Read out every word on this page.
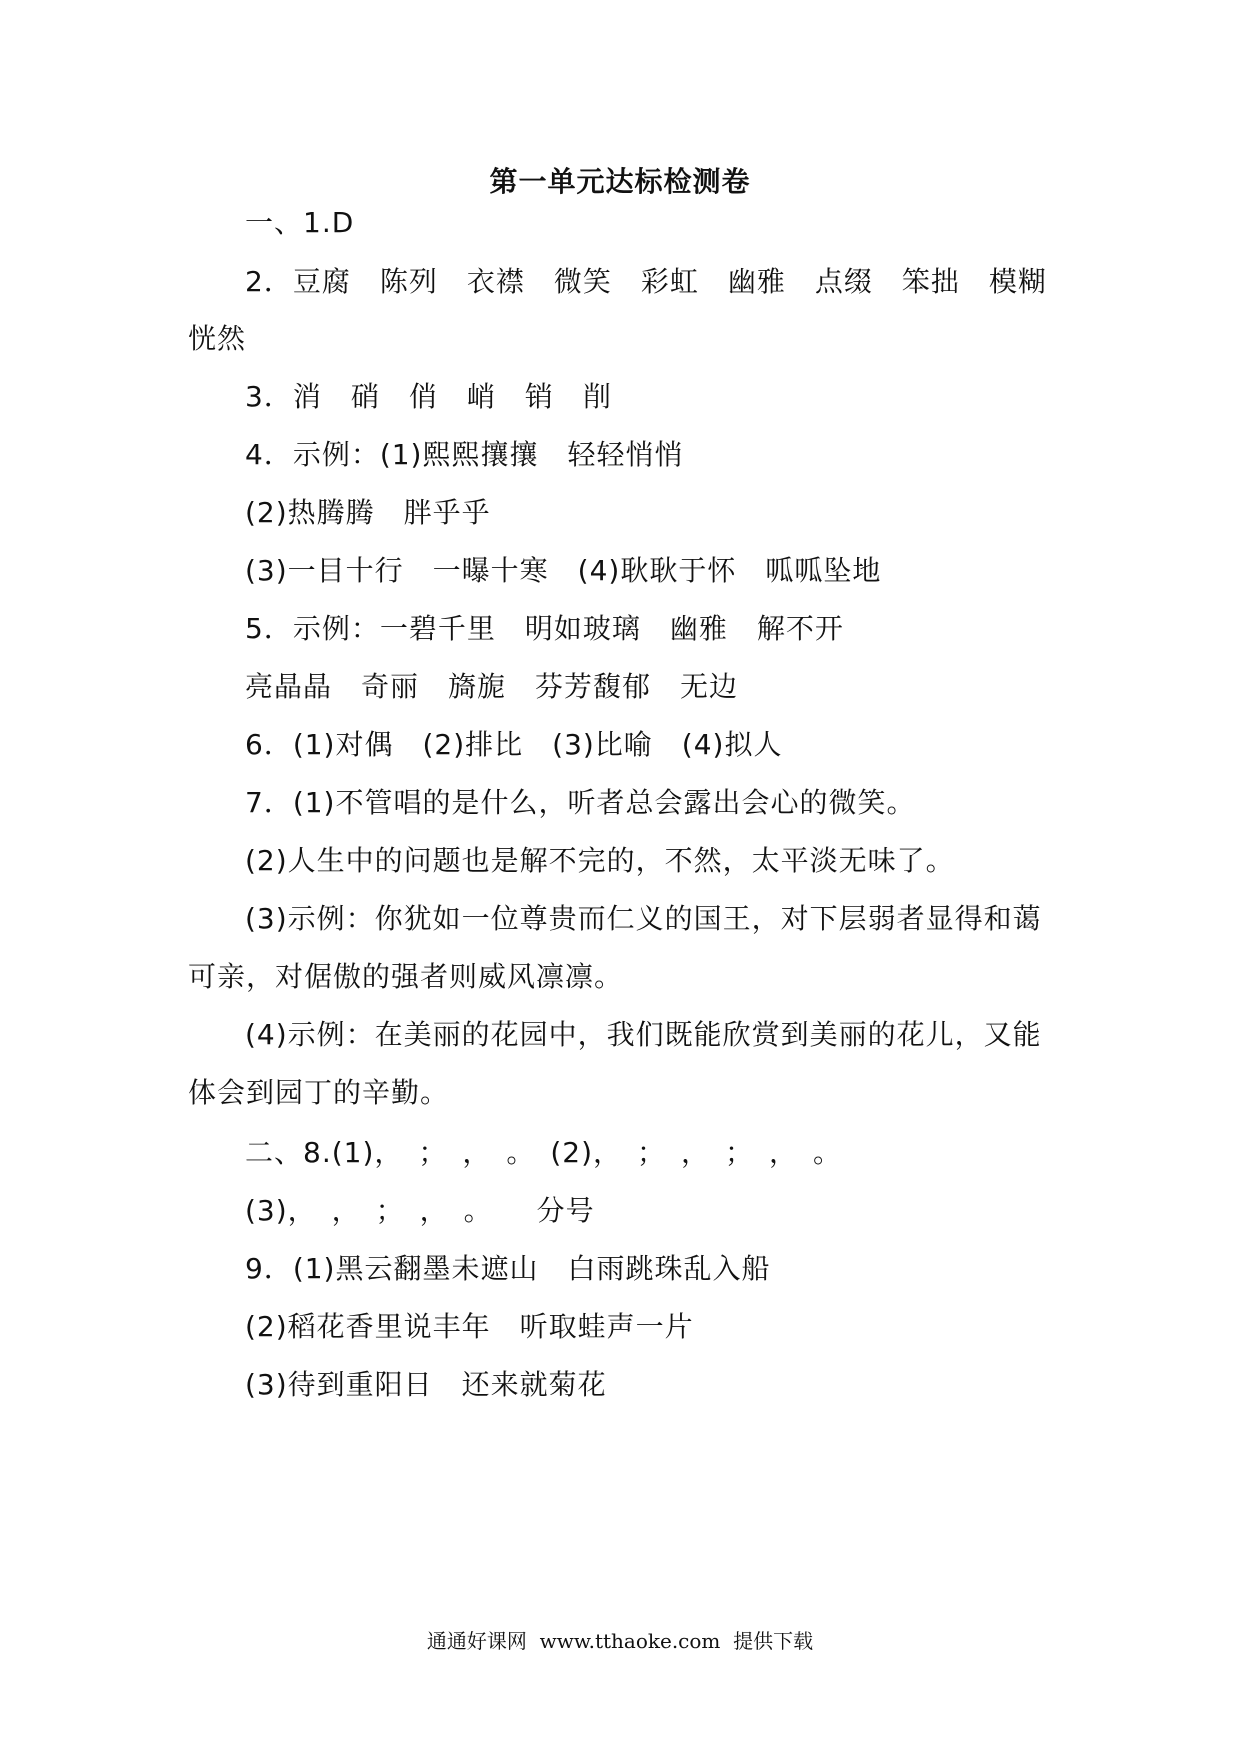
第一单元达标检测卷
一、1.D
2．豆腐　陈列　衣襟　微笑　彩虹　幽雅　点缀　笨拙　模糊
恍然
3．消　硝　俏　峭　销　削
4．示例：(1)熙熙攘攘　轻轻悄悄
(2)热腾腾　胖乎乎
(3)一目十行　一曝十寒　(4)耿耿于怀　呱呱坠地
5．示例：一碧千里　明如玻璃　幽雅　解不开
亮晶晶　奇丽　旖旎　芬芳馥郁　无边
6．(1)对偶　(2)排比　(3)比喻　(4)拟人
7．(1)不管唱的是什么，听者总会露出会心的微笑。
(2)人生中的问题也是解不完的，不然，太平淡无味了。
(3)示例：你犹如一位尊贵而仁义的国王，对下层弱者显得和蔼
可亲，对倨傲的强者则威风凛凛。
(4)示例：在美丽的花园中，我们既能欣赏到美丽的花儿，又能
体会到园丁的辛勤。
二、8.(1)，　；　，　。　(2)，　；　，　；　，　。
(3)，　，　；　，　。　　分号
9．(1)黑云翻墨未遮山　白雨跳珠乱入船
(2)稻花香里说丰年　听取蛙声一片
(3)待到重阳日　还来就菊花
通通好课网  www.tthaoke.com  提供下载
